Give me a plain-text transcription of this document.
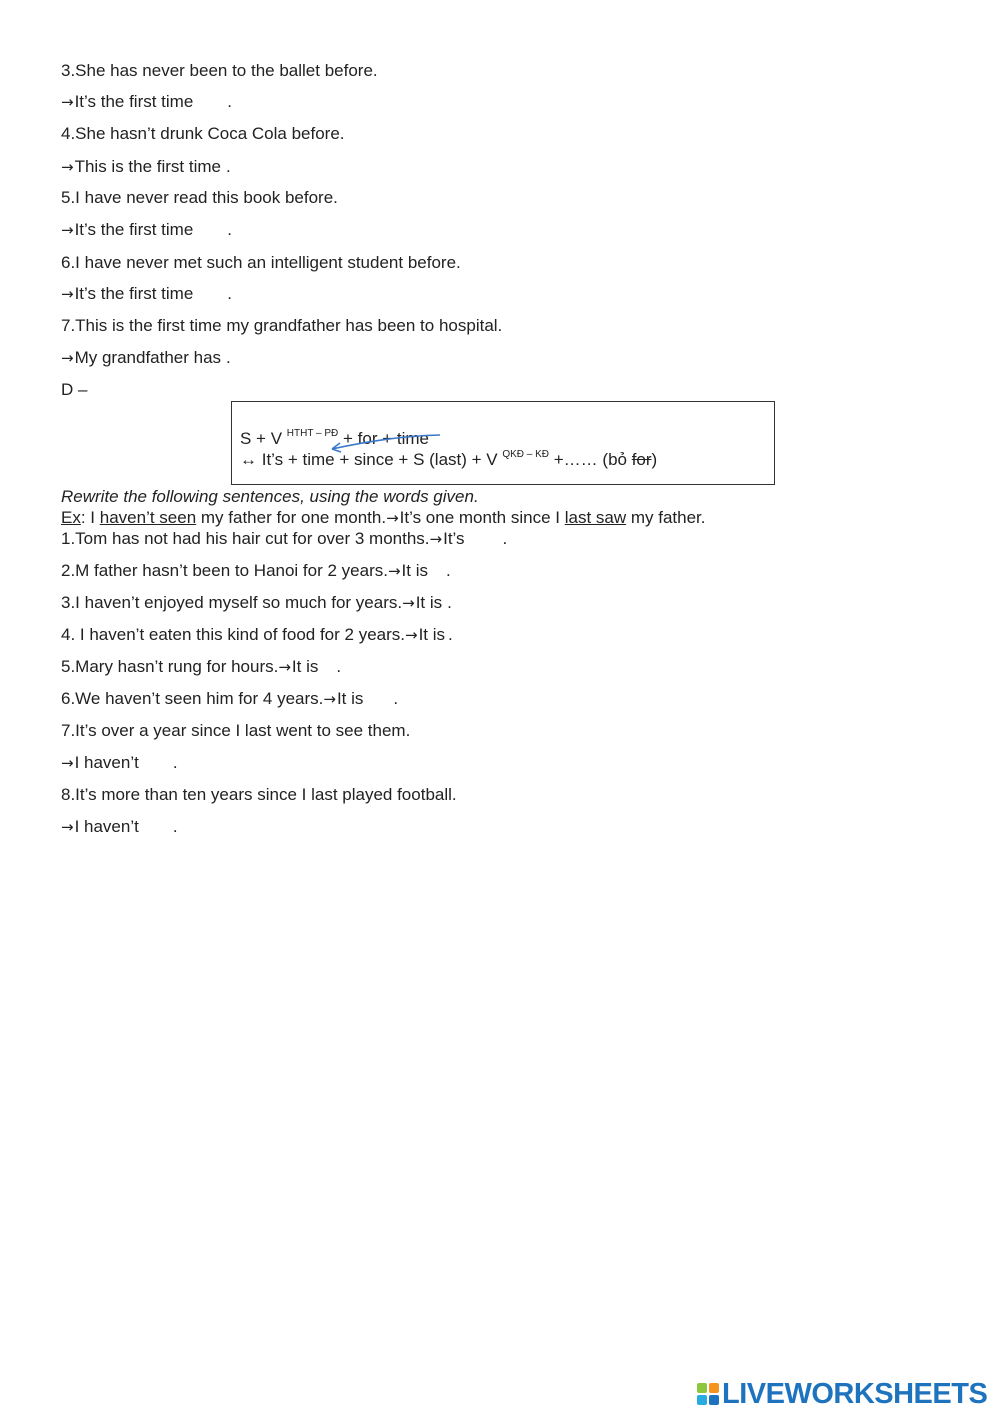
3.She has never been to the ballet before.
→It’s the first time .
4.She hasn’t drunk Coca Cola before.
→This is the first time .
5.I have never read this book before.
→It’s the first time .
6.I have never met such an intelligent student before.
→It’s the first time .
7.This is the first time my grandfather has been to hospital.
→My grandfather has .
D –
S + V $^{HTHT - PĐ}$ + for + time
↔ It’s + time + since + S (last) + V $^{QKĐ - KĐ}$ +…… (bỏ for)
Rewrite the following sentences, using the words given.
Ex: I haven’t seen my father for one month.→It’s one month since I last saw my father.
1.Tom has not had his hair cut for over 3 months.→It’s .
2.M father hasn’t been to Hanoi for 2 years.→It is .
3.I haven’t enjoyed myself so much for years.→It is .
4. I haven’t eaten this kind of food for 2 years.→It is .
5.Mary hasn’t rung for hours.→It is .
6.We haven’t seen him for 4 years.→It is .
7.It’s over a year since I last went to see them.
→I haven’t .
8.It’s more than ten years since I last played football.
→I haven’t .
LIVEWORKSHEETS
